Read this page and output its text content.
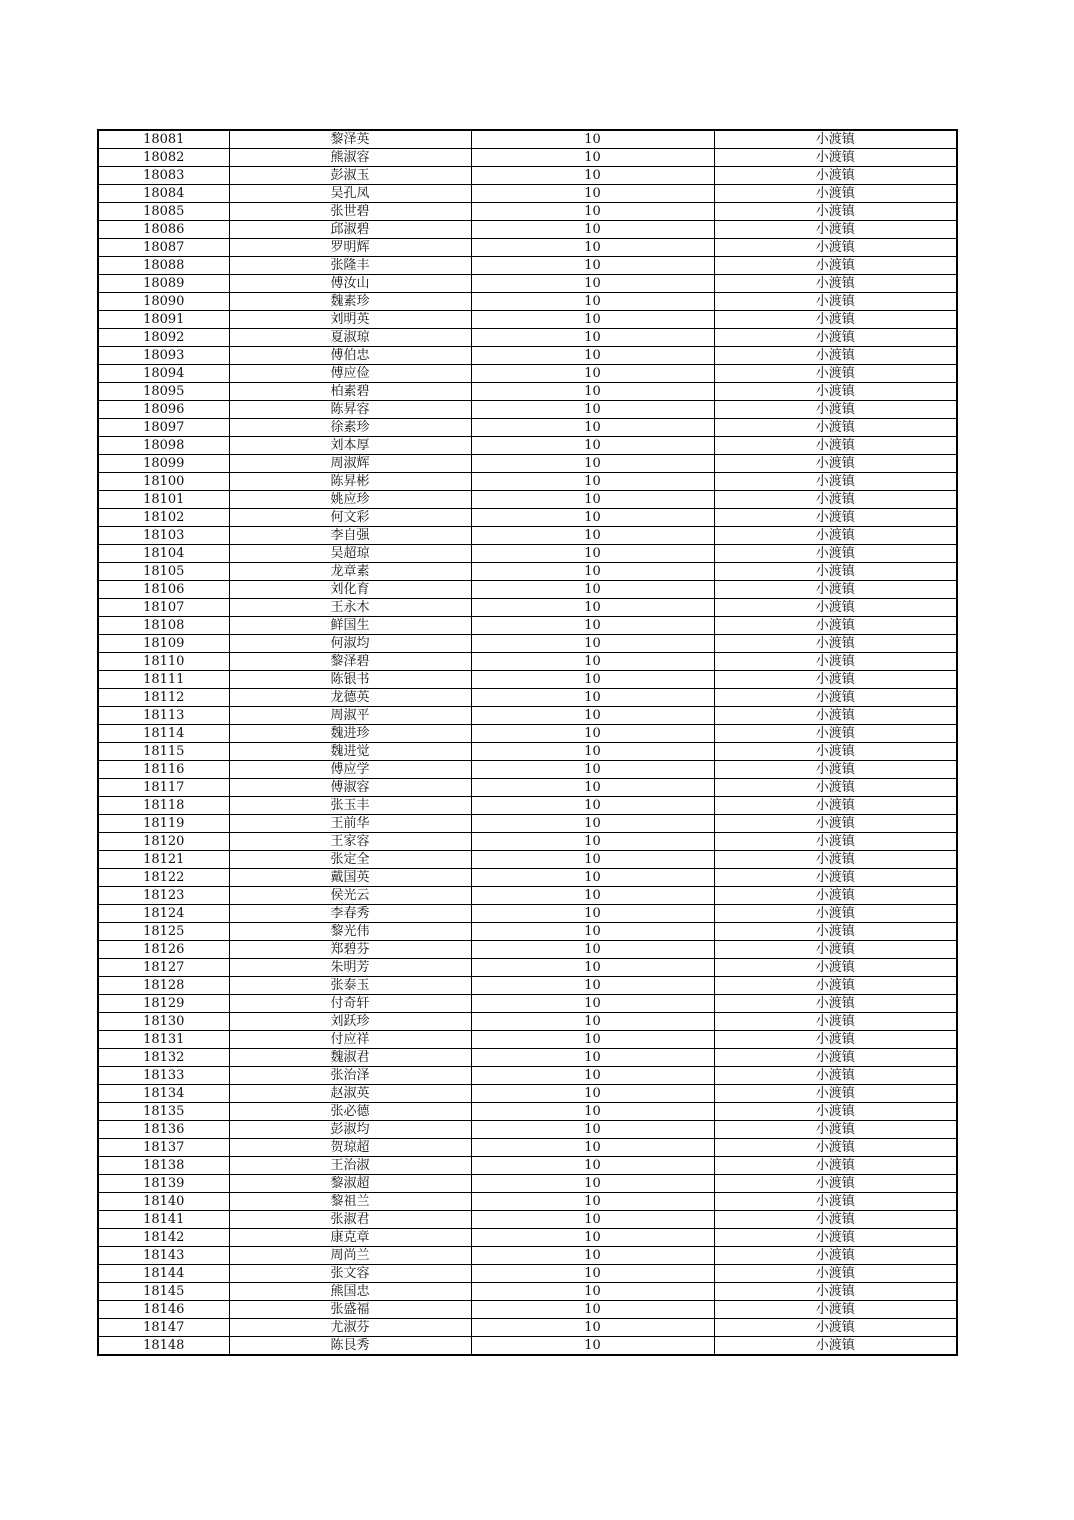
18081	黎泽英	10	小渡镇
18082	熊淑容	10	小渡镇
18083	彭淑玉	10	小渡镇
18084	吴孔凤	10	小渡镇
18085	张世碧	10	小渡镇
18086	邱淑碧	10	小渡镇
18087	罗明辉	10	小渡镇
18088	张隆丰	10	小渡镇
18089	傅汝山	10	小渡镇
18090	魏素珍	10	小渡镇
18091	刘明英	10	小渡镇
18092	夏淑琼	10	小渡镇
18093	傅伯忠	10	小渡镇
18094	傅应俭	10	小渡镇
18095	柏素碧	10	小渡镇
18096	陈昇容	10	小渡镇
18097	徐素珍	10	小渡镇
18098	刘本厚	10	小渡镇
18099	周淑辉	10	小渡镇
18100	陈昇彬	10	小渡镇
18101	姚应珍	10	小渡镇
18102	何文彩	10	小渡镇
18103	李自强	10	小渡镇
18104	吴超琼	10	小渡镇
18105	龙章素	10	小渡镇
18106	刘化育	10	小渡镇
18107	王永木	10	小渡镇
18108	鲜国生	10	小渡镇
18109	何淑均	10	小渡镇
18110	黎泽碧	10	小渡镇
18111	陈银书	10	小渡镇
18112	龙德英	10	小渡镇
18113	周淑平	10	小渡镇
18114	魏进珍	10	小渡镇
18115	魏进觉	10	小渡镇
18116	傅应学	10	小渡镇
18117	傅淑容	10	小渡镇
18118	张玉丰	10	小渡镇
18119	王前华	10	小渡镇
18120	王家容	10	小渡镇
18121	张定全	10	小渡镇
18122	戴国英	10	小渡镇
18123	侯光云	10	小渡镇
18124	李春秀	10	小渡镇
18125	黎光伟	10	小渡镇
18126	郑碧芬	10	小渡镇
18127	朱明芳	10	小渡镇
18128	张泰玉	10	小渡镇
18129	付奇轩	10	小渡镇
18130	刘跃珍	10	小渡镇
18131	付应祥	10	小渡镇
18132	魏淑君	10	小渡镇
18133	张治泽	10	小渡镇
18134	赵淑英	10	小渡镇
18135	张必德	10	小渡镇
18136	彭淑均	10	小渡镇
18137	贺琼超	10	小渡镇
18138	王治淑	10	小渡镇
18139	黎淑超	10	小渡镇
18140	黎祖兰	10	小渡镇
18141	张淑君	10	小渡镇
18142	康克章	10	小渡镇
18143	周尚兰	10	小渡镇
18144	张文容	10	小渡镇
18145	熊国忠	10	小渡镇
18146	张盛福	10	小渡镇
18147	尤淑芬	10	小渡镇
18148	陈艮秀	10	小渡镇
